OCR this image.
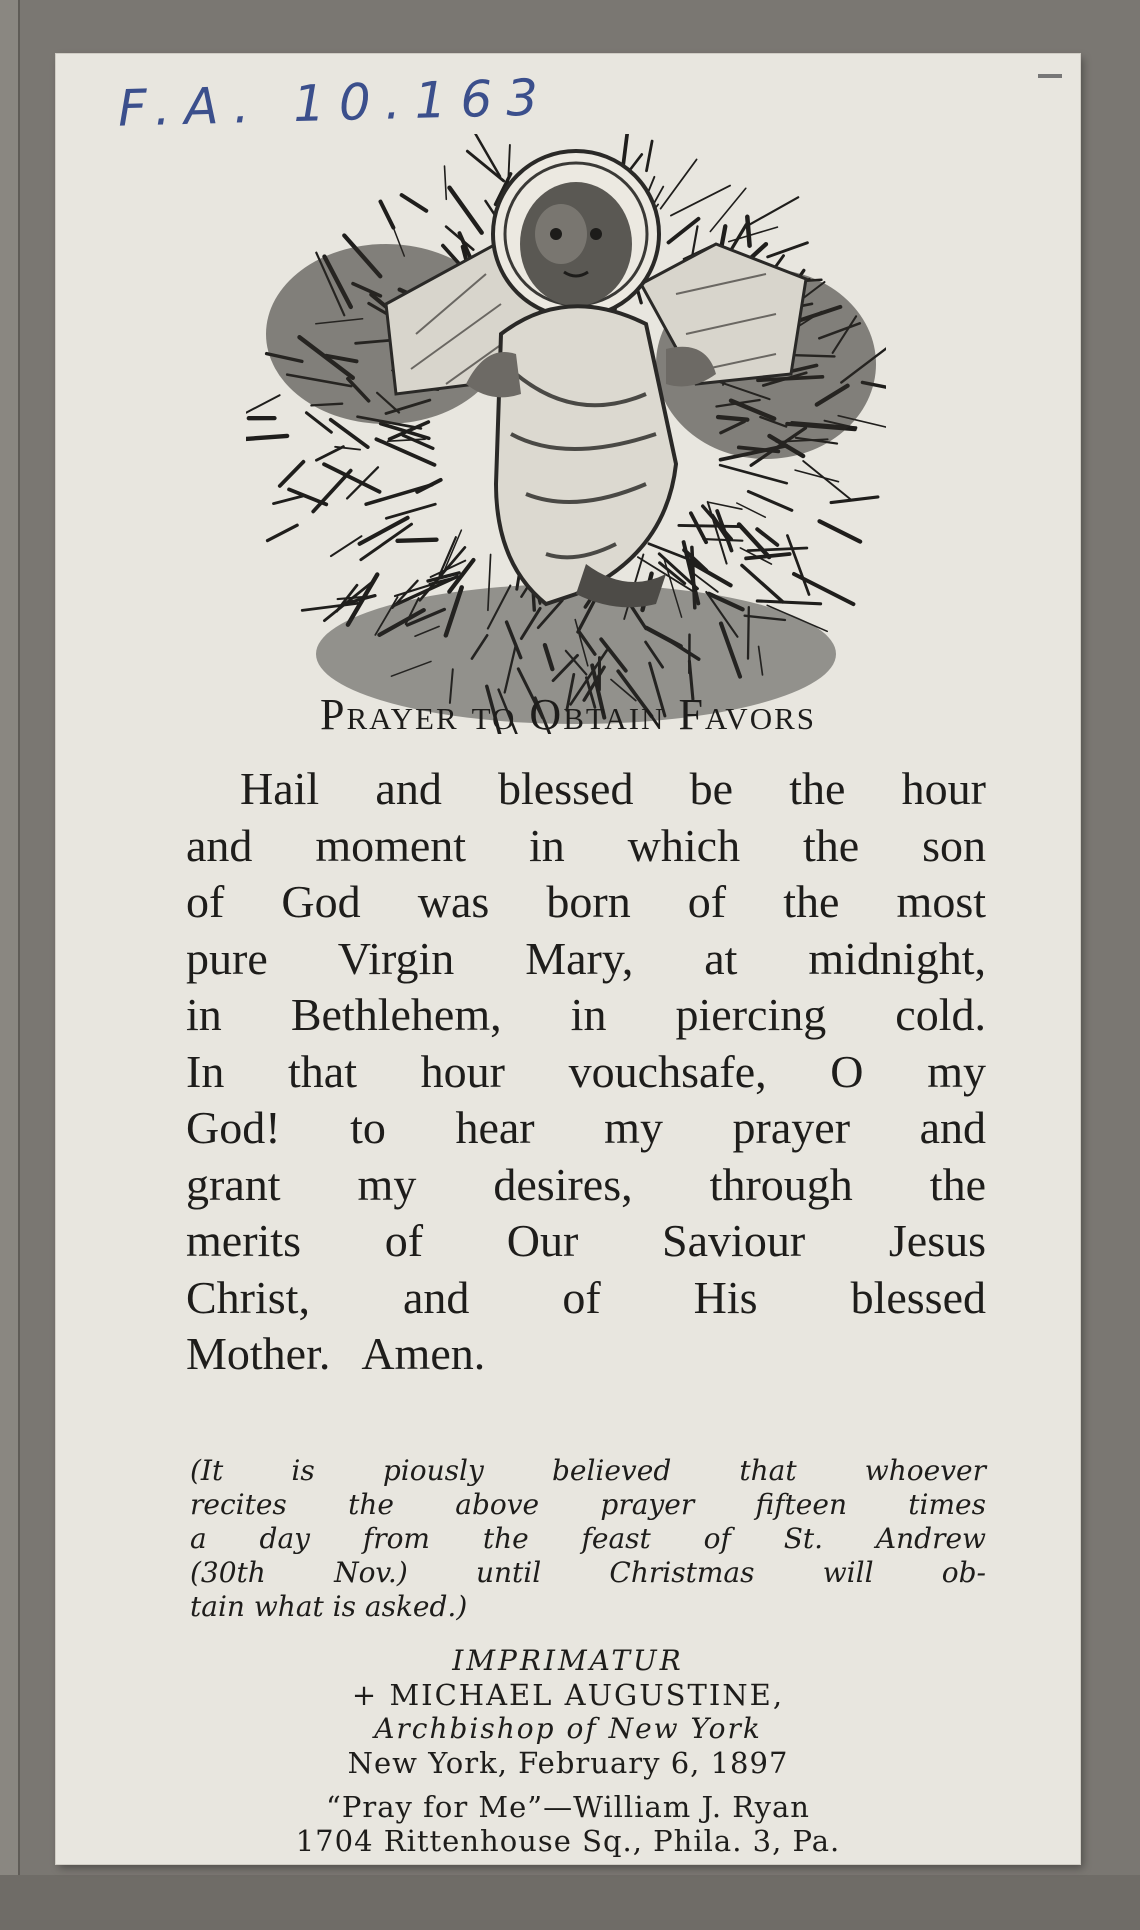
F.A. 10.163
Prayer to Obtain Favors
Hail and blessed be the hour
and moment in which the son
of God was born of the most
pure Virgin Mary, at midnight,
in Bethlehem, in piercing cold.
In that hour vouchsafe, O my
God! to hear my prayer and
grant my desires, through the
merits of Our Saviour Jesus
Christ, and of His blessed
Mother. Amen.
(It is piously believed that whoever
recites the above prayer fifteen times
a day from the feast of St. Andrew
(30th Nov.) until Christmas will ob-
tain what is asked.)
IMPRIMATUR
+ MICHAEL AUGUSTINE,
Archbishop of New York
New York, February 6, 1897
“Pray for Me”—William J. Ryan
1704 Rittenhouse Sq., Phila. 3, Pa.
